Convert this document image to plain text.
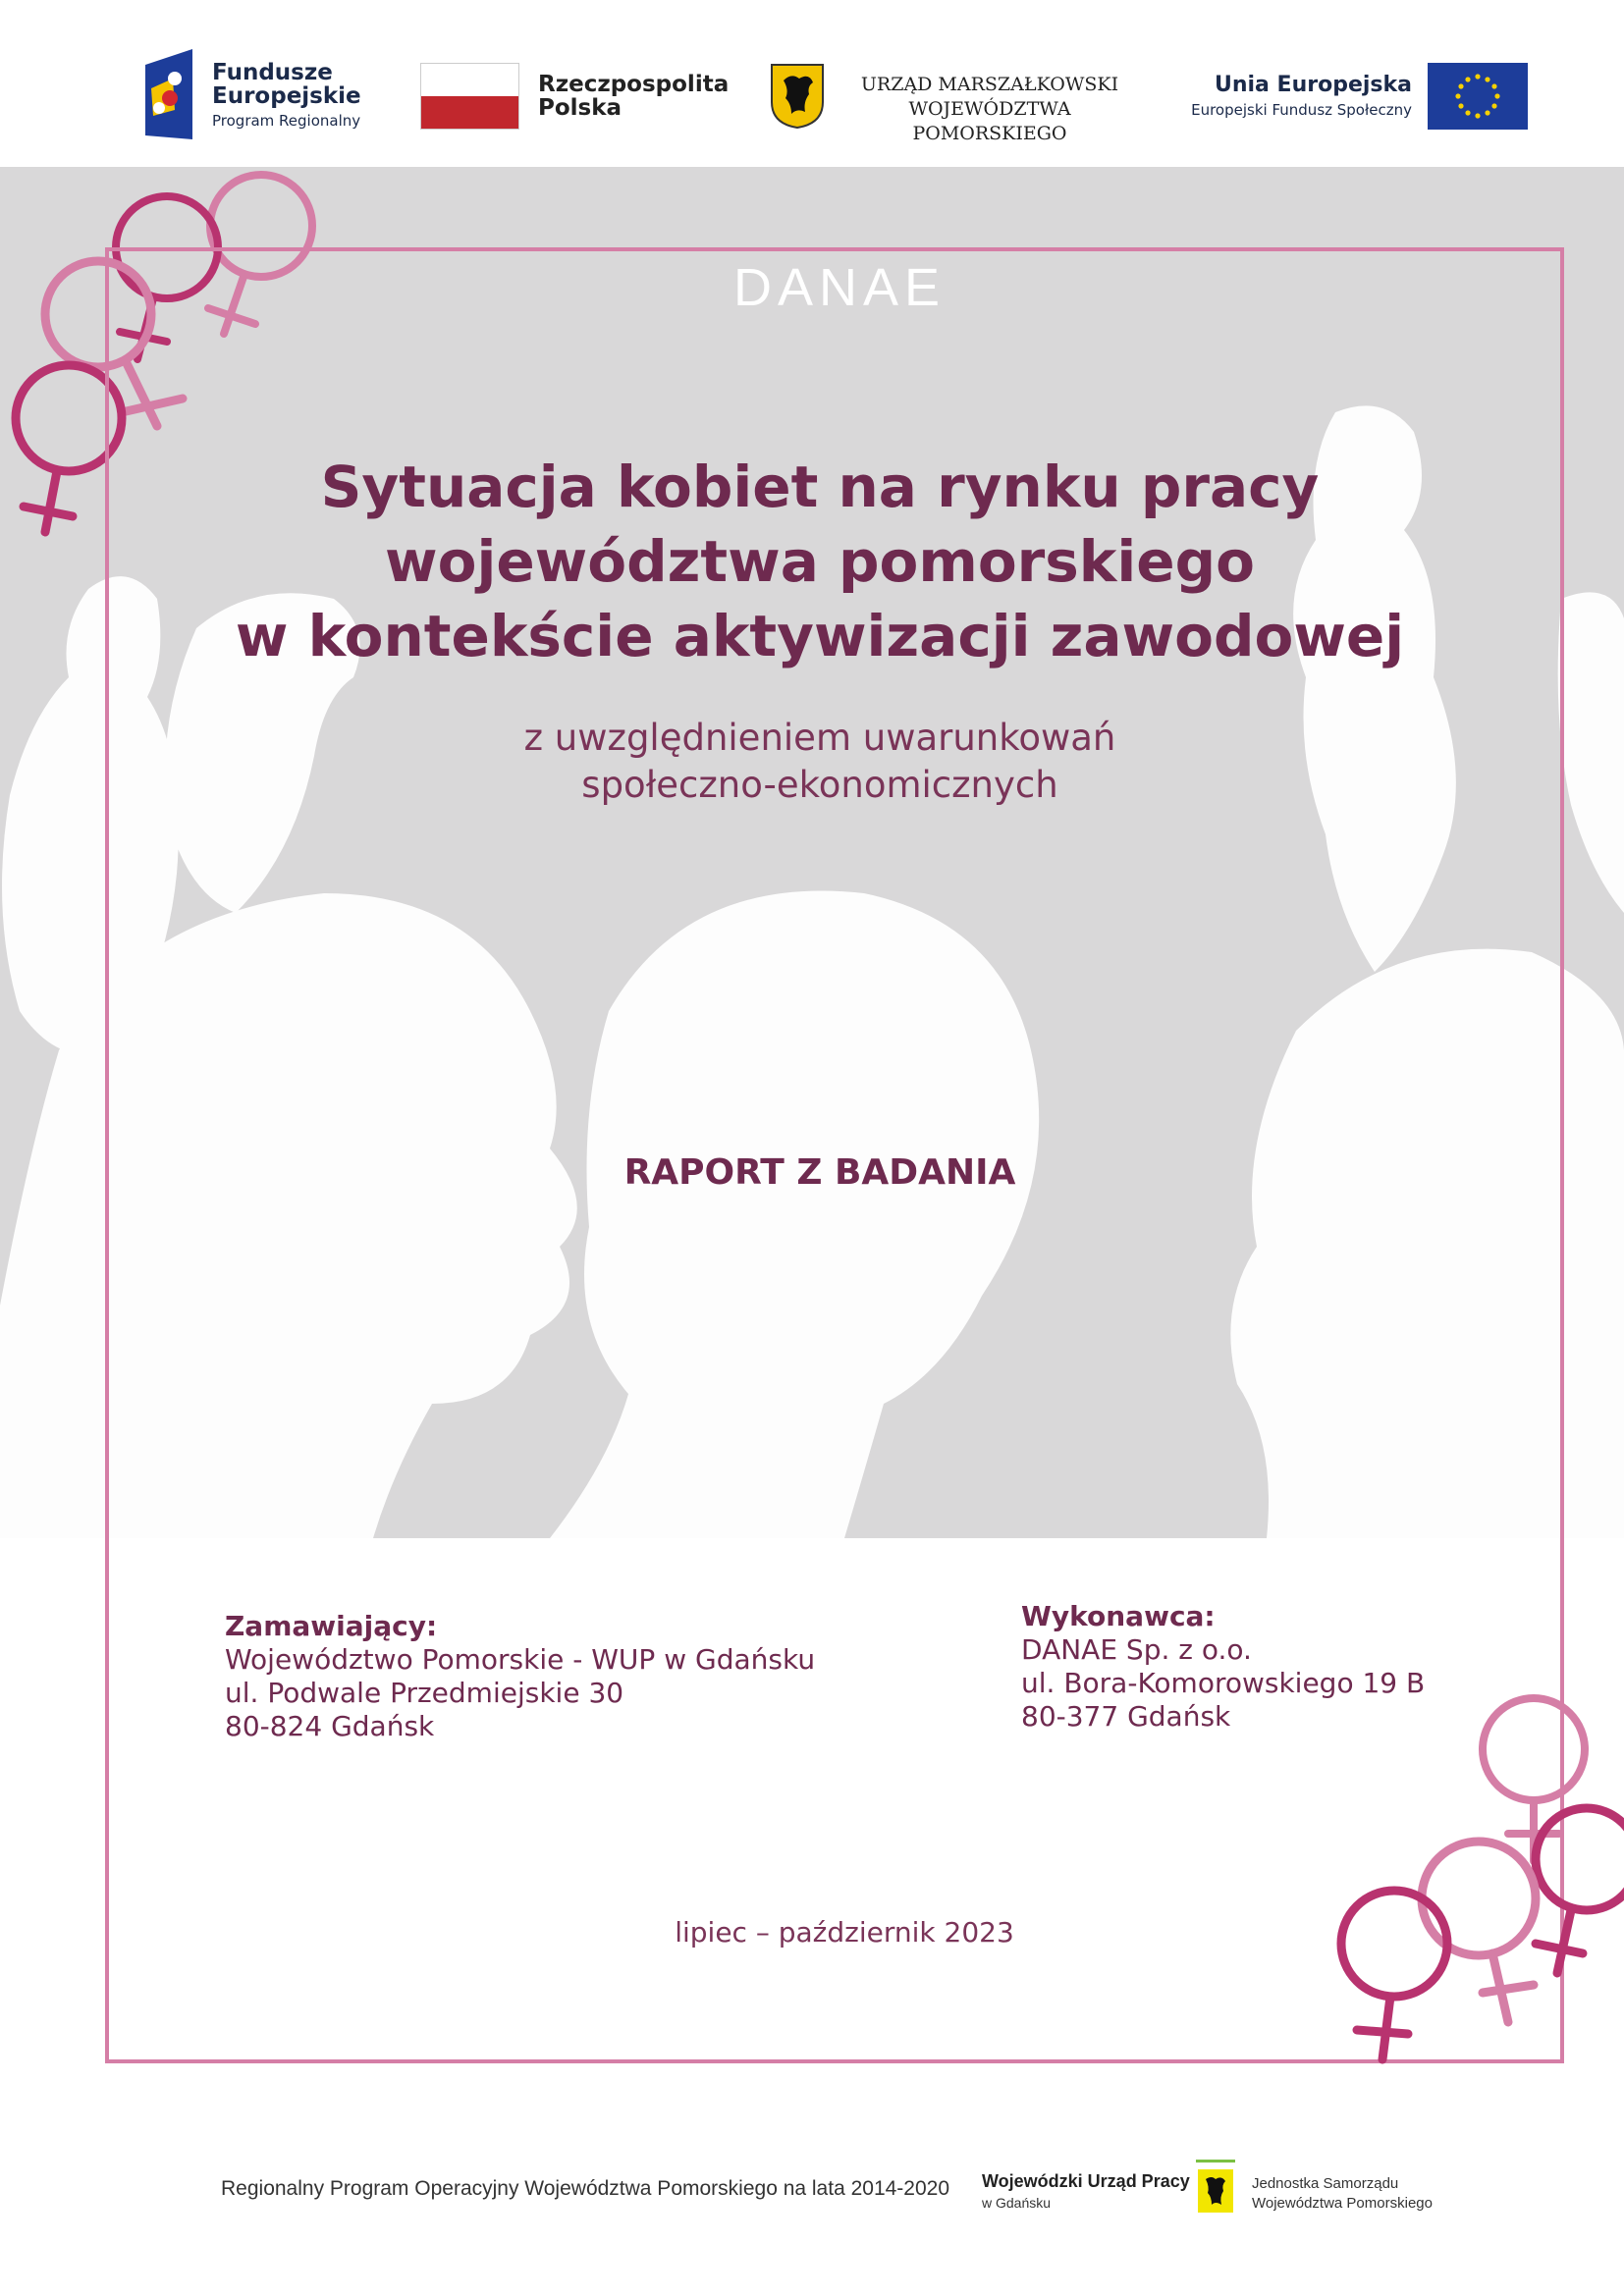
Fundusze
Europejskie
Program Regionalny
Rzeczpospolita
Polska
URZĄD MARSZAŁKOWSKI
WOJEWÓDZTWA POMORSKIEGO
Unia Europejska
Europejski Fundusz Społeczny
DANAE
Sytuacja kobiet na rynku pracy
województwa pomorskiego
w kontekście aktywizacji zawodowej
z uwzględnieniem uwarunkowań
społeczno-ekonomicznych
RAPORT Z BADANIA
Zamawiający:
Województwo Pomorskie - WUP w Gdańsku
ul. Podwale Przedmiejskie 30
80-824 Gdańsk
Wykonawca:
DANAE Sp. z o.o.
ul. Bora-Komorowskiego 19 B
80-377 Gdańsk
lipiec – październik 2023
Regionalny Program Operacyjny Województwa Pomorskiego na lata 2014-2020 Wojewódzki Urząd Pracy
w Gdańsku
Jednostka Samorządu
Województwa Pomorskiego
